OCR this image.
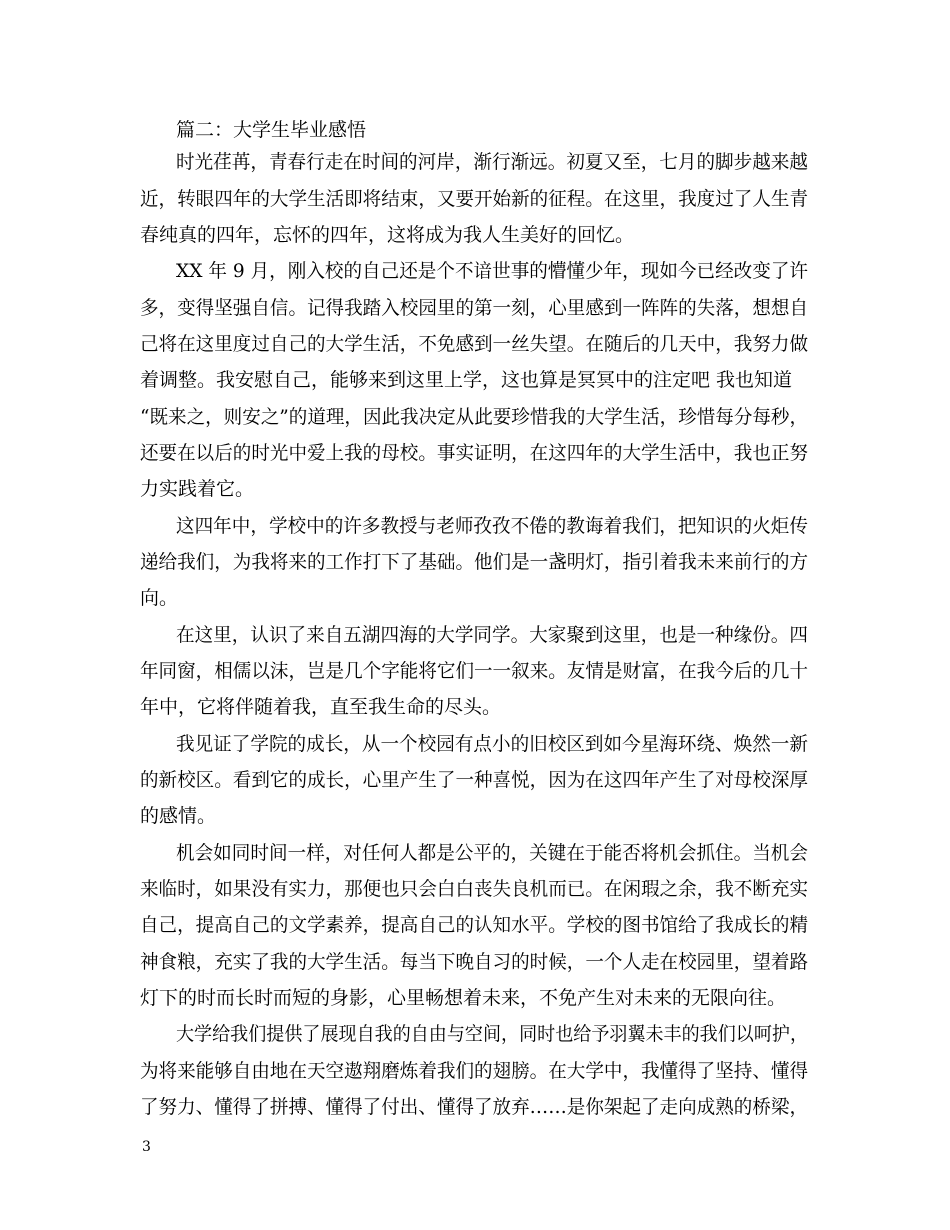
篇二：大学生毕业感悟
时光荏苒，青春行走在时间的河岸，渐行渐远。初夏又至，七月的脚步越来越
近，转眼四年的大学生活即将结束，又要开始新的征程。在这里，我度过了人生青
春纯真的四年，忘怀的四年，这将成为我人生美好的回忆。
XX 年 9 月，刚入校的自己还是个不谙世事的懵懂少年，现如今已经改变了许
多，变得坚强自信。记得我踏入校园里的第一刻，心里感到一阵阵的失落，想想自
己将在这里度过自己的大学生活，不免感到一丝失望。在随后的几天中，我努力做
着调整。我安慰自己，能够来到这里上学，这也算是冥冥中的注定吧 我也知道
“既来之，则安之”的道理，因此我决定从此要珍惜我的大学生活，珍惜每分每秒，
还要在以后的时光中爱上我的母校。事实证明，在这四年的大学生活中，我也正努
力实践着它。
这四年中，学校中的许多教授与老师孜孜不倦的教诲着我们，把知识的火炬传
递给我们，为我将来的工作打下了基础。他们是一盏明灯，指引着我未来前行的方
向。
在这里，认识了来自五湖四海的大学同学。大家聚到这里，也是一种缘份。四
年同窗，相儒以沫，岂是几个字能将它们一一叙来。友情是财富，在我今后的几十
年中，它将伴随着我，直至我生命的尽头。
我见证了学院的成长，从一个校园有点小的旧校区到如今星海环绕、焕然一新
的新校区。看到它的成长，心里产生了一种喜悦，因为在这四年产生了对母校深厚
的感情。
机会如同时间一样，对任何人都是公平的，关键在于能否将机会抓住。当机会
来临时，如果没有实力，那便也只会白白丧失良机而已。在闲瑕之余，我不断充实
自己，提高自己的文学素养，提高自己的认知水平。学校的图书馆给了我成长的精
神食粮，充实了我的大学生活。每当下晚自习的时候，一个人走在校园里，望着路
灯下的时而长时而短的身影，心里畅想着未来，不免产生对未来的无限向往。
大学给我们提供了展现自我的自由与空间，同时也给予羽翼未丰的我们以呵护，
为将来能够自由地在天空遨翔磨炼着我们的翅膀。在大学中，我懂得了坚持、懂得
了努力、懂得了拼搏、懂得了付出、懂得了放弃……是你架起了走向成熟的桥梁，
3
